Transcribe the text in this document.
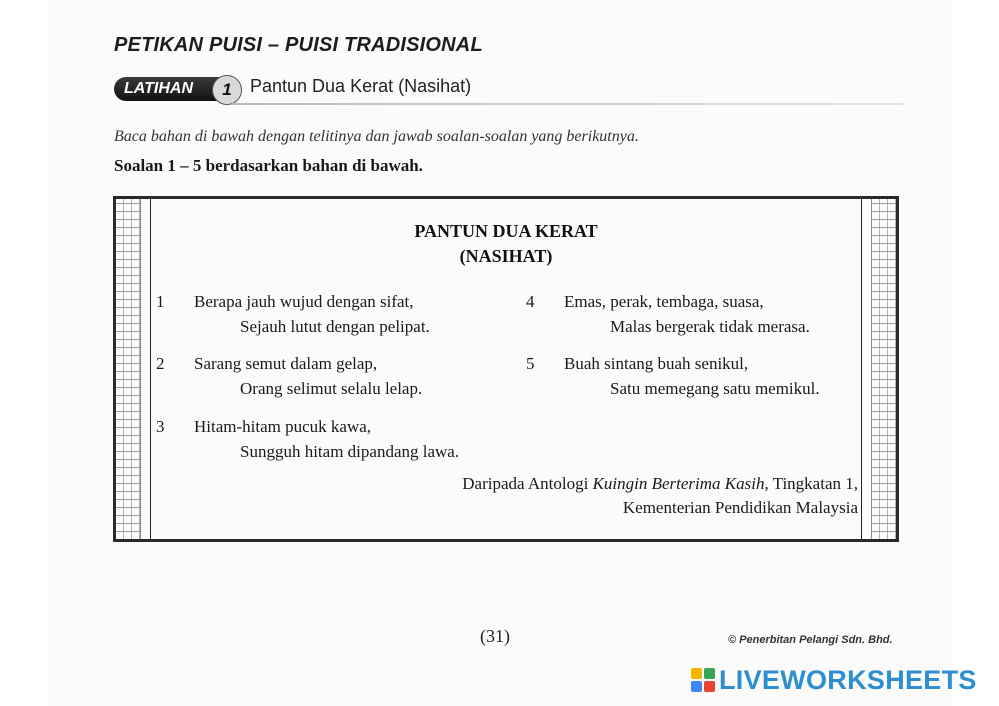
PETIKAN PUISI – PUISI TRADISIONAL
LATIHAN	1	Pantun Dua Kerat (Nasihat)
Baca bahan di bawah dengan telitinya dan jawab soalan-soalan yang berikutnya.
Soalan 1 – 5 berdasarkan bahan di bawah.
PANTUN DUA KERAT
(NASIHAT)
1 Berapa jauh wujud dengan sifat,
Sejauh lutut dengan pelipat.
2 Sarang semut dalam gelap,
Orang selimut selalu lelap.
3 Hitam-hitam pucuk kawa,
Sungguh hitam dipandang lawa.
4 Emas, perak, tembaga, suasa,
Malas bergerak tidak merasa.
5 Buah sintang buah senikul,
Satu memegang satu memikul.
Daripada Antologi Kuingin Berterima Kasih, Tingkatan 1,
Kementerian Pendidikan Malaysia
(31)	© Penerbitan Pelangi Sdn. Bhd.
LIVEWORKSHEETS
